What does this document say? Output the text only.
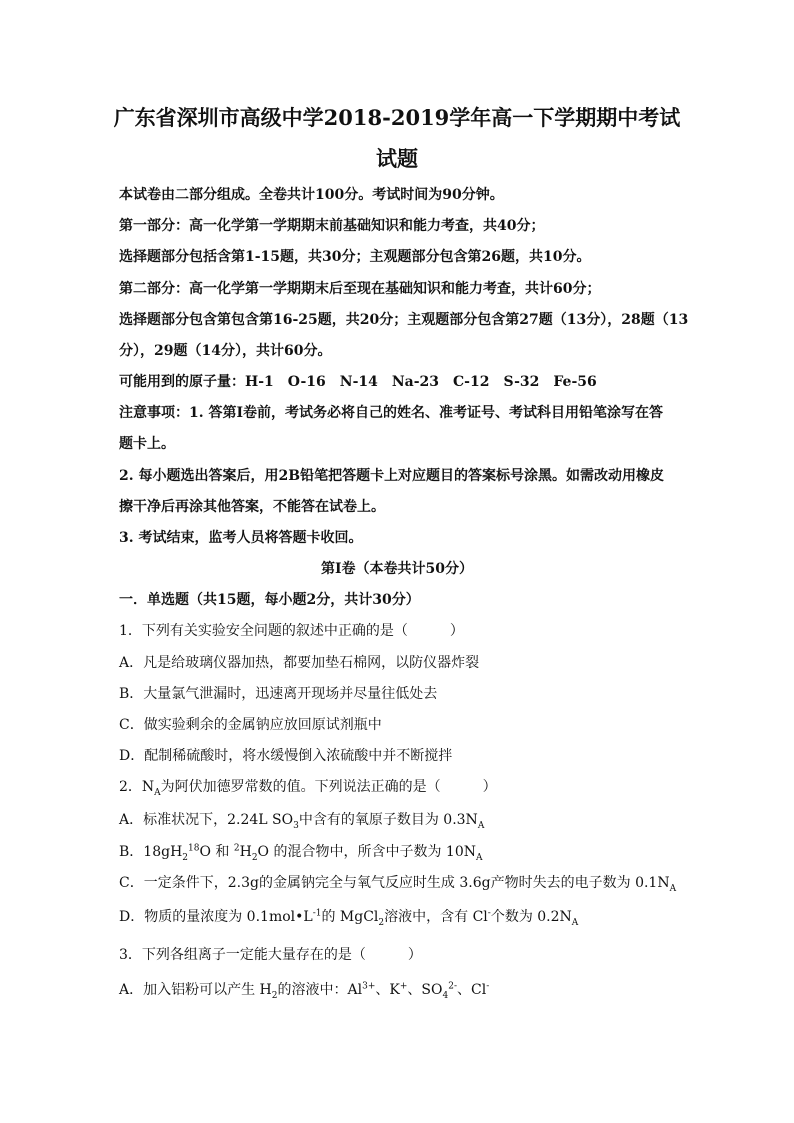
广东省深圳市高级中学2018-2019学年高一下学期期中考试
试题
本试卷由二部分组成。全卷共计100分。考试时间为90分钟。
第一部分：高一化学第一学期期末前基础知识和能力考查，共40分；
选择题部分包括含第1-15题，共30分；主观题部分包含第26题，共10分。
第二部分：高一化学第一学期期末后至现在基础知识和能力考查，共计60分；
选择题部分包含第包含第16-25题，共20分；主观题部分包含第27题（13分），28题（13
分），29题（14分），共计60分。
可能用到的原子量：H-1　O-16　N-14　Na-23　C-12　S-32　Fe-56
注意事项：1. 答第Ⅰ卷前，考试务必将自己的姓名、准考证号、考试科目用铅笔涂写在答
题卡上。
2. 每小题选出答案后，用2B铅笔把答题卡上对应题目的答案标号涂黑。如需改动用橡皮
擦干净后再涂其他答案，不能答在试卷上。
3. 考试结束，监考人员将答题卡收回。
第Ⅰ卷（本卷共计50分）
一．单选题（共15题，每小题2分，共计30分）
1．下列有关实验安全问题的叙述中正确的是（　　　）
A．凡是给玻璃仪器加热，都要加垫石棉网，以防仪器炸裂
B．大量氯气泄漏时，迅速离开现场并尽量往低处去
C．做实验剩余的金属钠应放回原试剂瓶中
D．配制稀硫酸时，将水缓慢倒入浓硫酸中并不断搅拌
2．$N_A$为阿伏加德罗常数的值。下列说法正确的是（　　　）
A．标准状况下，2.24L $SO_3$中含有的氧原子数目为 $0.3N_A$
B．$18gH_2^{18}O$ 和 $^2H_2O$ 的混合物中，所含中子数为 $10N_A$
C．一定条件下，2.3g的金属钠完全与氧气反应时生成 3.6g产物时失去的电子数为 $0.1N_A$
D．物质的量浓度为 $0.1mol•L^{-1}$的 MgCl$_2$溶液中，含有 Cl-个数为 $0.2N_A$
3．下列各组离子一定能大量存在的是（　　　）
A．加入铝粉可以产生 $H_2$的溶液中：$Al^{3+}$、K+、$SO_4^{2-}$、Cl-
